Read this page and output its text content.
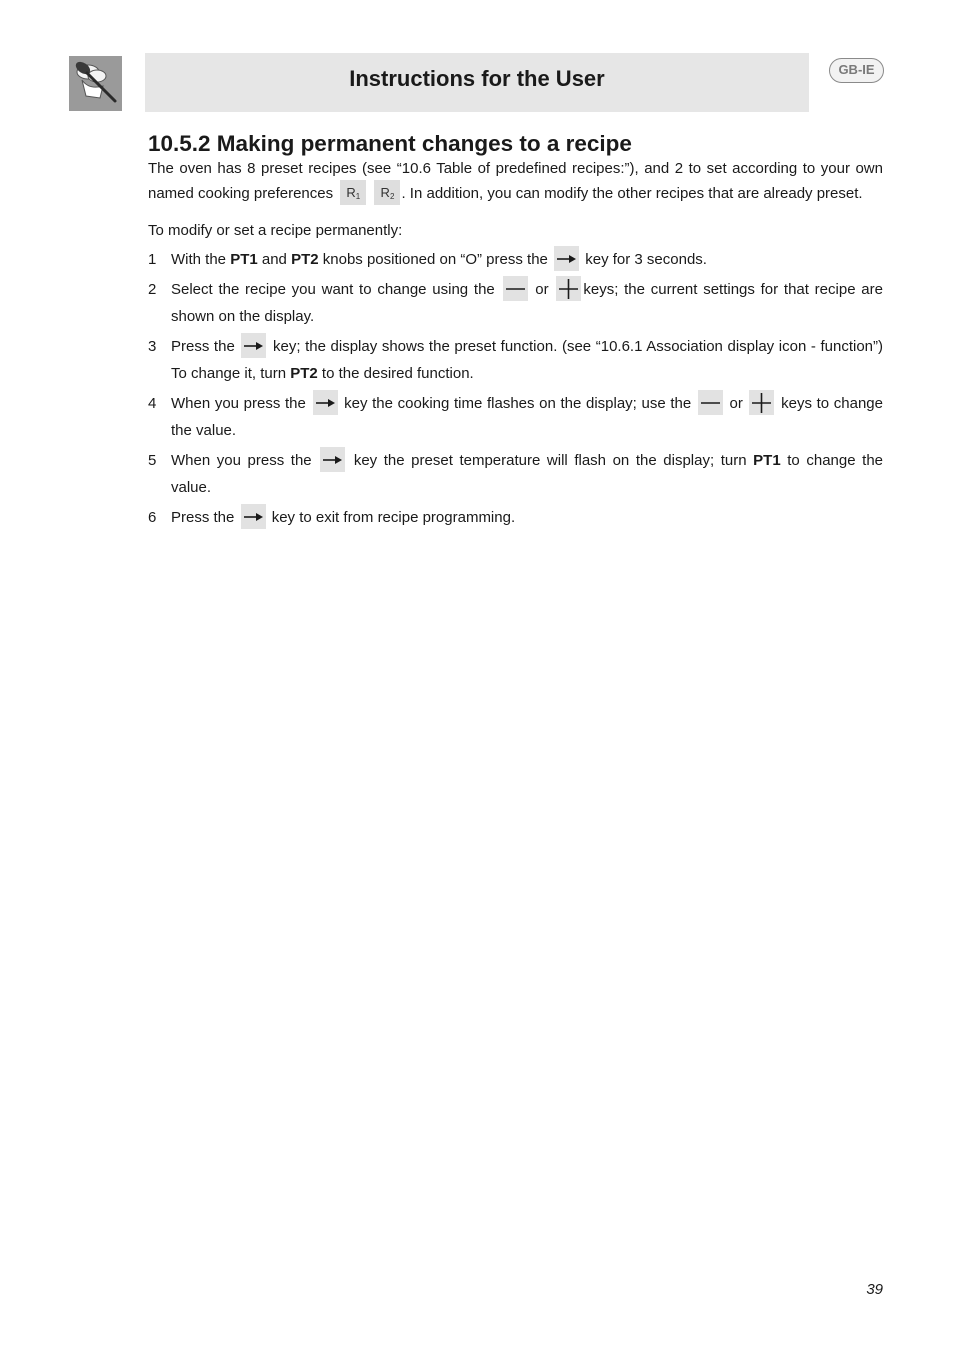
Instructions for the User	GB-IE
10.5.2 Making permanent changes to a recipe

The oven has 8 preset recipes (see “10.6 Table of predefined recipes:”), and 2 to set according to your own named cooking preferences $R_1$ $R_2$ . In addition, you can modify the other recipes that are already preset.

To modify or set a recipe permanently:

1 With the PT1 and PT2 knobs positioned on “O” press the
key for 3 seconds.
2 Select the recipe you want to change using the
or
keys; the current settings for that recipe are shown on the display.
3 Press the
key; the display shows the preset function. (see “10.6.1 Association display icon - function”) To change it, turn PT2 to the desired function.
4 When you press the
key the cooking time flashes on the display; use the
or
keys to change the value.
5 When you press the
key the preset temperature will flash on the display; turn PT1 to change the value.
6 Press the
key to exit from recipe programming.
39
